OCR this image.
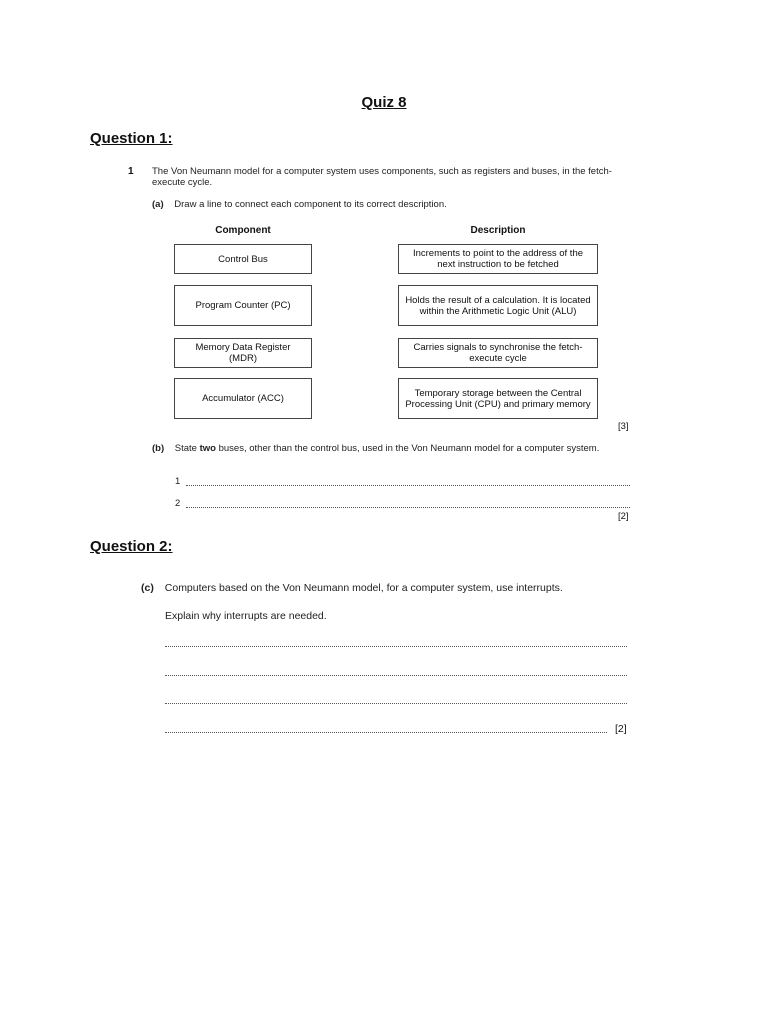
Quiz 8
Question 1:
1 The Von Neumann model for a computer system uses components, such as registers and buses, in the fetch-execute cycle.
(a) Draw a line to connect each component to its correct description.
Component	Description
Control Bus
Program Counter (PC)
Memory Data Register (MDR)
Accumulator (ACC)
Increments to point to the address of the next instruction to be fetched
Holds the result of a calculation. It is located within the Arithmetic Logic Unit (ALU)
Carries signals to synchronise the fetch-execute cycle
Temporary storage between the Central Processing Unit (CPU) and primary memory
[3]
(b) State two buses, other than the control bus, used in the Von Neumann model for a computer system.
1
2
[2]
Question 2:
(c) Computers based on the Von Neumann model, for a computer system, use interrupts.
Explain why interrupts are needed.
[2]
